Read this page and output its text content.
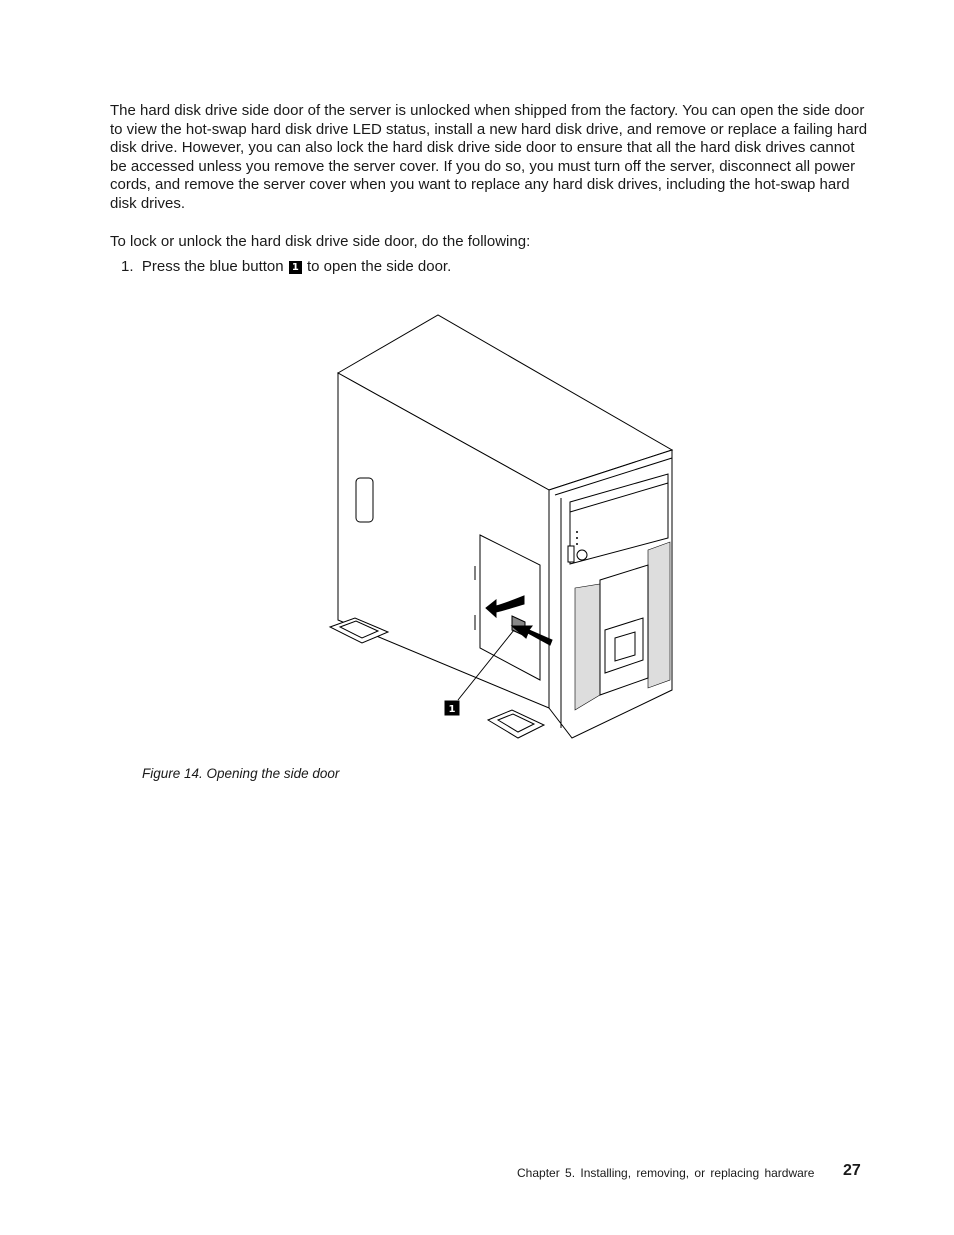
The hard disk drive side door of the server is unlocked when shipped from the factory. You can open the side door to view the hot-swap hard disk drive LED status, install a new hard disk drive, and remove or replace a failing hard disk drive. However, you can also lock the hard disk drive side door to ensure that all the hard disk drives cannot be accessed unless you remove the server cover. If you do so, you must turn off the server, disconnect all power cords, and remove the server cover when you want to replace any hard disk drives, including the hot-swap hard disk drives.

To lock or unlock the hard disk drive side door, do the following:

1. Press the blue button 1 to open the side door.
1
Figure 14. Opening the side door
Chapter 5. Installing, removing, or replacing hardware 27
